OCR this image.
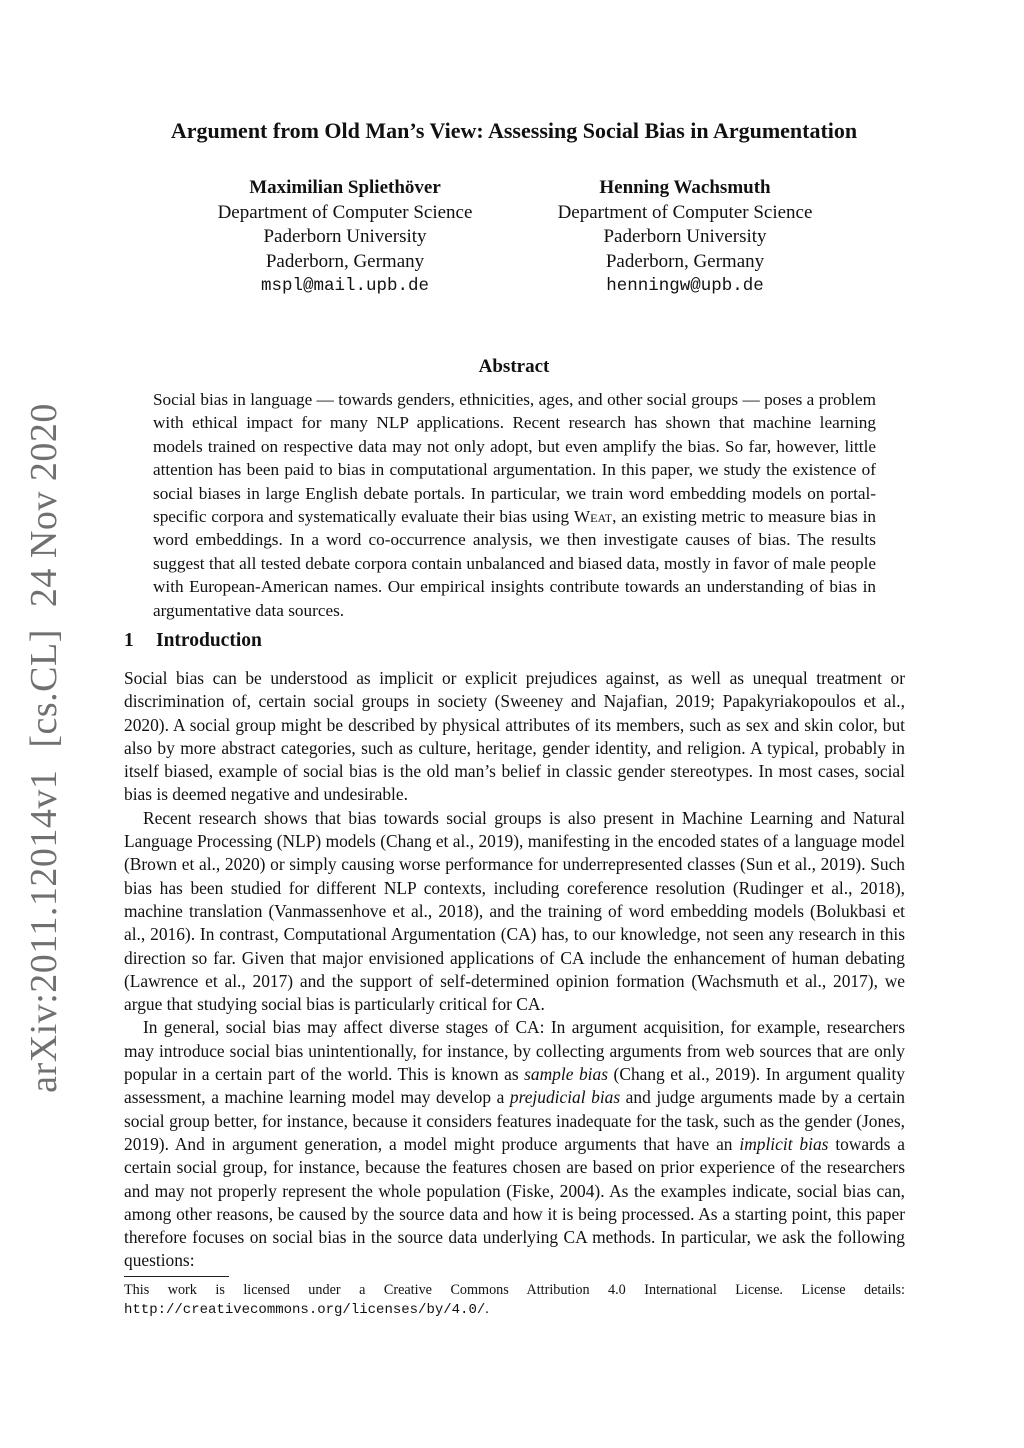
arXiv:2011.12014v1[cs.CL]24 Nov 2020
Argument from Old Man’s View: Assessing Social Bias in Argumentation
Maximilian Spliethöver
Department of Computer Science
Paderborn University
Paderborn, Germany
mspl@mail.upb.de
Henning Wachsmuth
Department of Computer Science
Paderborn University
Paderborn, Germany
henningw@upb.de
Abstract

Social bias in language — towards genders, ethnicities, ages, and other social groups — poses a problem with ethical impact for many NLP applications. Recent research has shown that machine learning models trained on respective data may not only adopt, but even amplify the bias. So far, however, little attention has been paid to bias in computational argumentation. In this paper, we study the existence of social biases in large English debate portals. In particular, we train word embedding models on portal-specific corpora and systematically evaluate their bias using Weat, an existing metric to measure bias in word embeddings. In a word co-occurrence analysis, we then investigate causes of bias. The results suggest that all tested debate corpora contain unbalanced and biased data, mostly in favor of male people with European-American names. Our empirical insights contribute towards an understanding of bias in argumentative data sources.

1 Introduction

Social bias can be understood as implicit or explicit prejudices against, as well as unequal treatment or discrimination of, certain social groups in society (Sweeney and Najafian, 2019; Papakyriakopoulos et al., 2020). A social group might be described by physical attributes of its members, such as sex and skin color, but also by more abstract categories, such as culture, heritage, gender identity, and religion. A typical, probably in itself biased, example of social bias is the old man’s belief in classic gender stereotypes. In most cases, social bias is deemed negative and undesirable.

Recent research shows that bias towards social groups is also present in Machine Learning and Natural Language Processing (NLP) models (Chang et al., 2019), manifesting in the encoded states of a language model (Brown et al., 2020) or simply causing worse performance for underrepresented classes (Sun et al., 2019). Such bias has been studied for different NLP contexts, including coreference resolution (Rudinger et al., 2018), machine translation (Vanmassenhove et al., 2018), and the training of word embedding models (Bolukbasi et al., 2016). In contrast, Computational Argumentation (CA) has, to our knowledge, not seen any research in this direction so far. Given that major envisioned applications of CA include the enhancement of human debating (Lawrence et al., 2017) and the support of self-determined opinion formation (Wachsmuth et al., 2017), we argue that studying social bias is particularly critical for CA.

In general, social bias may affect diverse stages of CA: In argument acquisition, for example, researchers may introduce social bias unintentionally, for instance, by collecting arguments from web sources that are only popular in a certain part of the world. This is known as sample bias (Chang et al., 2019). In argument quality assessment, a machine learning model may develop a prejudicial bias and judge arguments made by a certain social group better, for instance, because it considers features inadequate for the task, such as the gender (Jones, 2019). And in argument generation, a model might produce arguments that have an implicit bias towards a certain social group, for instance, because the features chosen are based on prior experience of the researchers and may not properly represent the whole population (Fiske, 2004). As the examples indicate, social bias can, among other reasons, be caused by the source data and how it is being processed. As a starting point, this paper therefore focuses on social bias in the source data underlying CA methods. In particular, we ask the following questions:

This work is licensed under a Creative Commons Attribution 4.0 International License. License details: http://creativecommons.org/licenses/by/4.0/.
